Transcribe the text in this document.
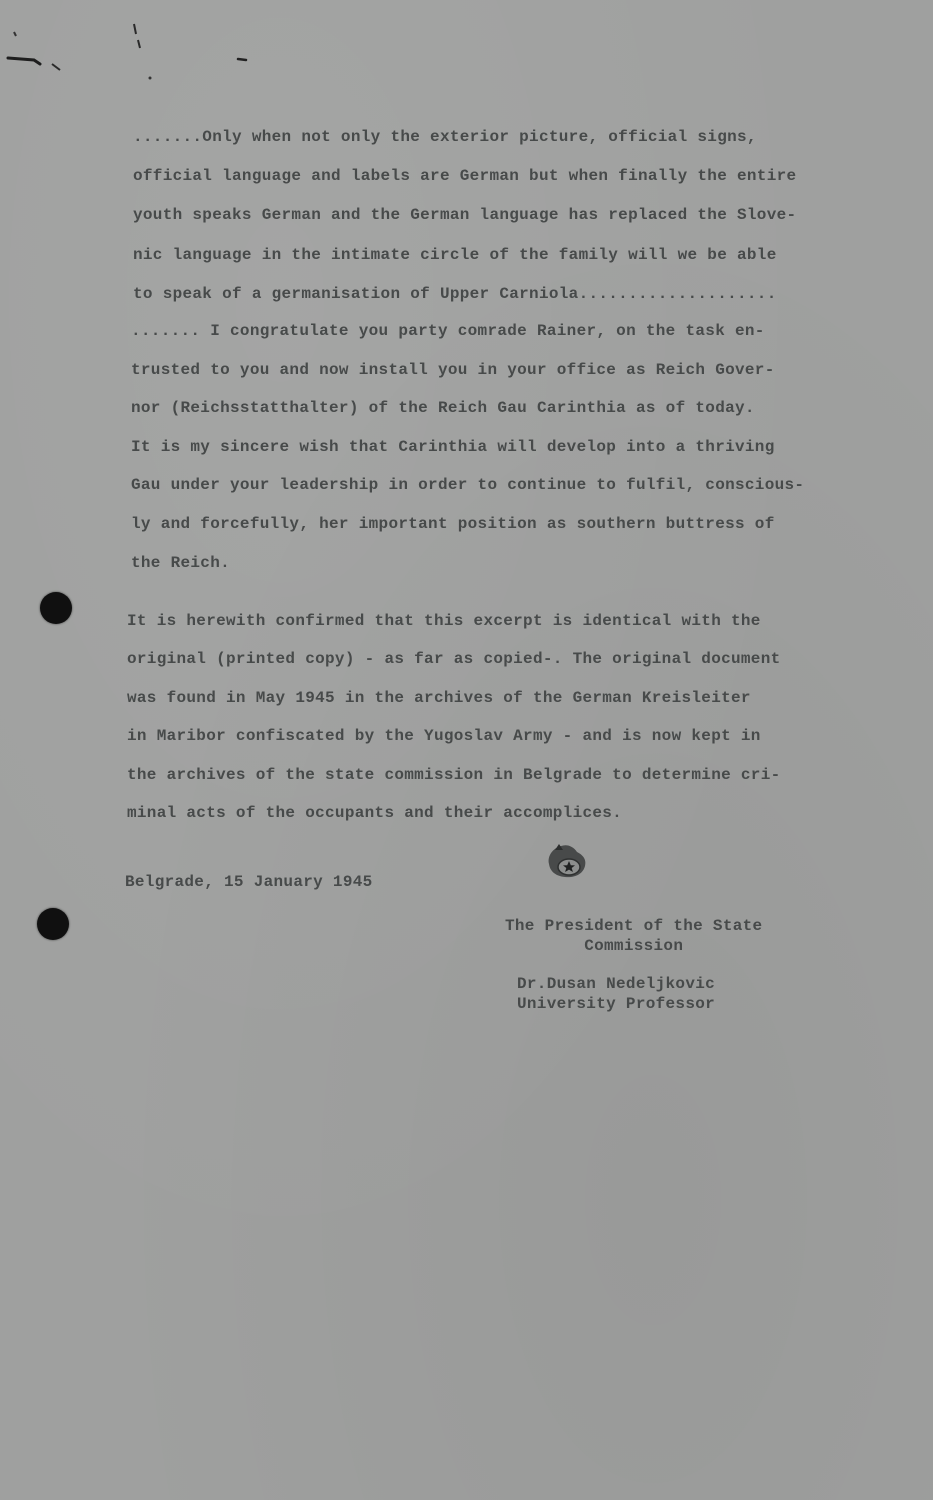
.......Only when not only the exterior picture, official signs,
official language and labels are German but when finally the entire
youth speaks German and the German language has replaced the Slove-
nic language in the intimate circle of the family will we be able
to speak of a germanisation of Upper Carniola....................
....... I congratulate you party comrade Rainer, on the task en-
trusted to you and now install you in your office as Reich Gover-
nor (Reichsstatthalter) of the Reich Gau Carinthia as of today.
It is my sincere wish that Carinthia will develop into a thriving
Gau under your leadership in order to continue to fulfil, conscious-
ly and forcefully, her important position as southern buttress of
the Reich.
It is herewith confirmed that this excerpt is identical with the
original (printed copy) - as far as copied-. The original document
was found in May 1945 in the archives of the German Kreisleiter
in Maribor confiscated by the Yugoslav Army - and is now kept in
the archives of the state commission in Belgrade to determine cri-
minal acts of the occupants and their accomplices.
Belgrade, 15 January 1945
The President of the State
Commission
Dr.Dusan Nedeljkovic
University Professor
